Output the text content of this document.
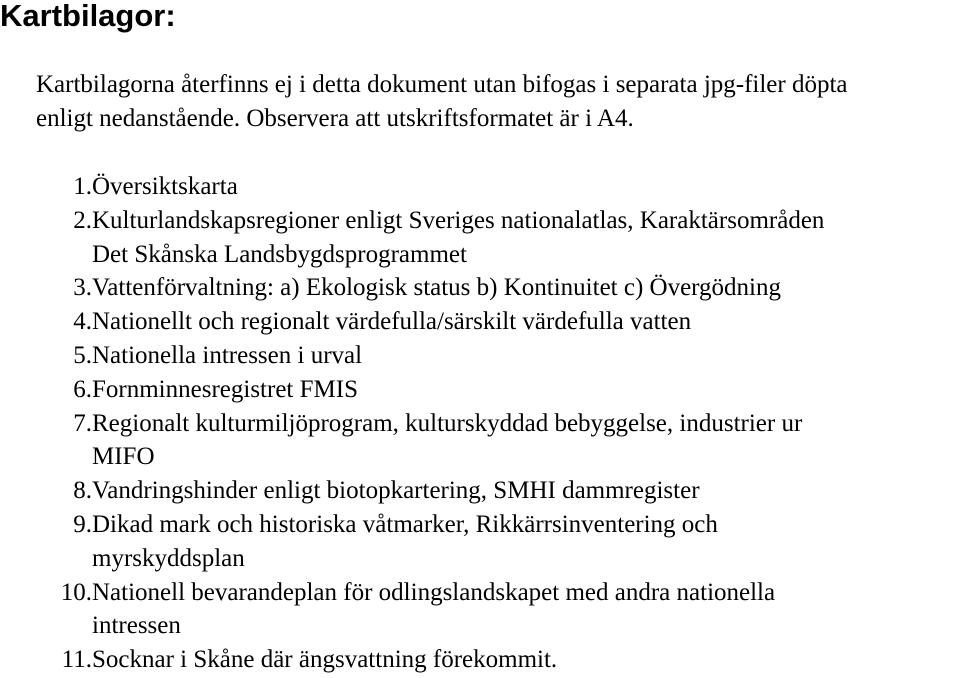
Kartbilagor:

Kartbilagorna återfinns ej i detta dokument utan bifogas i separata jpg-filer döpta
enligt nedanstående. Observera att utskriftsformatet är i A4.

1. Översiktskarta
2. Kulturlandskapsregioner enligt Sveriges nationalatlas, Karaktärsområden
Det Skånska Landsbygdsprogrammet
3. Vattenförvaltning: a) Ekologisk status b) Kontinuitet c) Övergödning
4. Nationellt och regionalt värdefulla/särskilt värdefulla vatten
5. Nationella intressen i urval
6. Fornminnesregistret FMIS
7. Regionalt kulturmiljöprogram, kulturskyddad bebyggelse, industrier ur
MIFO
8. Vandringshinder enligt biotopkartering, SMHI dammregister
9. Dikad mark och historiska våtmarker, Rikkärrsinventering och
myrskyddsplan
10. Nationell bevarandeplan för odlingslandskapet med andra nationella
intressen
11. Socknar i Skåne där ängsvattning förekommit.
